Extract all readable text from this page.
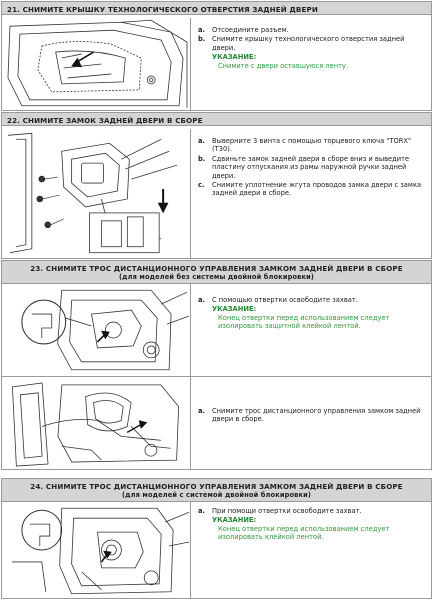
21. СНИМИТЕ КРЫШКУ ТЕХНОЛОГИЧЕСКОГО ОТВЕРСТИЯ ЗАДНЕЙ ДВЕРИ
a.	Отсоедините разъем.
b. Снимите крышку технологического отверстия задней двери.
УКАЗАНИЕ:
Снимите с двери оставшуюся ленту.
22. СНИМИТЕ ЗАМОК ЗАДНЕЙ ДВЕРИ В СБОРЕ
a.	Выверните 3 винта с помощью торцевого ключа "TORX" (T30).
b. Сдвиньте замок задней двери в сборе вниз и выведите пластину отпускания из рамы наружной ручки задней двери.
c.	Снимите уплотнение жгута проводов замка двери с замка задней двери в сборе.
23. СНИМИТЕ ТРОС ДИСТАНЦИОННОГО УПРАВЛЕНИЯ ЗАМКОМ ЗАДНЕЙ ДВЕРИ В СБОРЕ
(для моделей без системы двойной блокировки)
a.	С помощью отвертки освободите захват.
УКАЗАНИЕ:
Конец отвертки перед использованием следует изолировать защитной клейкой лентой.
a.	Снимите трос дистанционного управления замком задней двери в сборе.
24. СНИМИТЕ ТРОС ДИСТАНЦИОННОГО УПРАВЛЕНИЯ ЗАМКОМ ЗАДНЕЙ ДВЕРИ В СБОРЕ
(для моделей с системой двойной блокировки)
a.	При помощи отвертки освободите захват.
УКАЗАНИЕ:
Конец отвертки перед использованием следует изолировать клейкой лентой.
